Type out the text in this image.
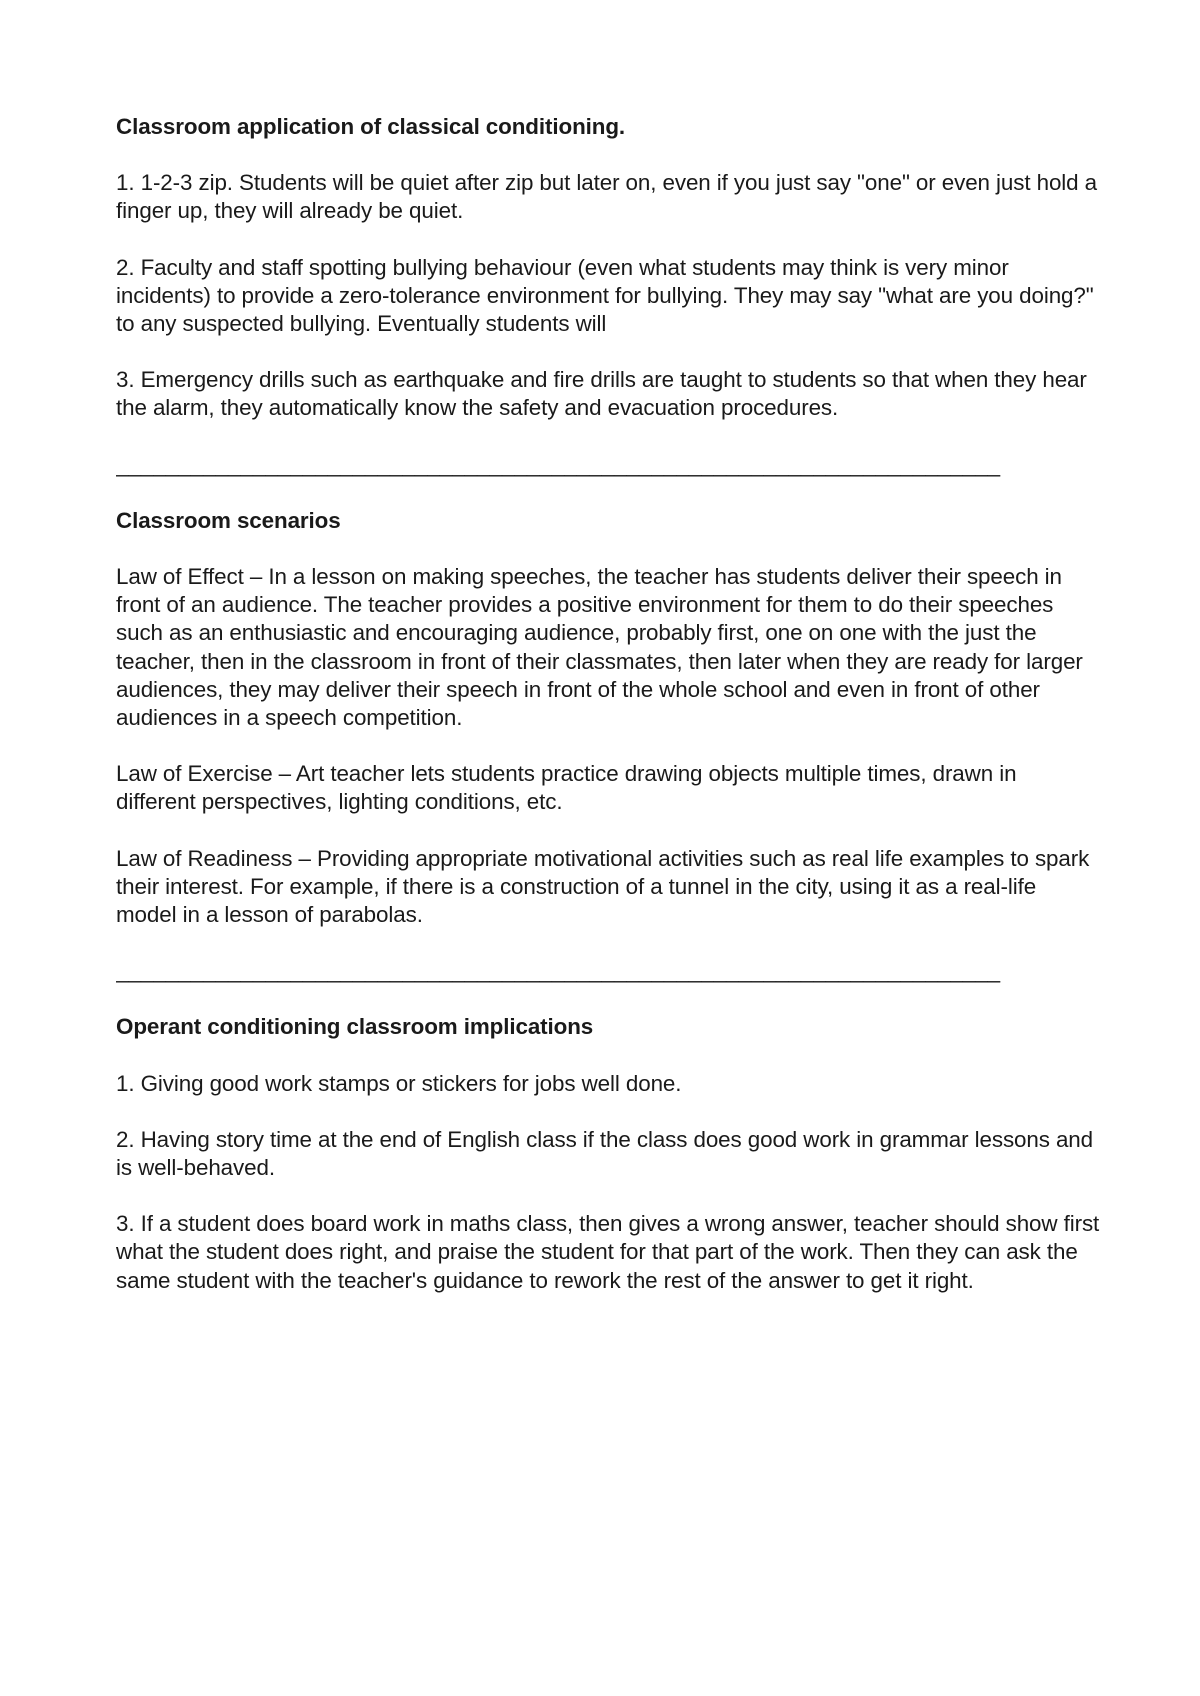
Classroom application of classical conditioning.
1. 1-2-3 zip. Students will be quiet after zip but later on, even if you just say "one" or even just hold a finger up, they will already be quiet.
2. Faculty and staff spotting bullying behaviour (even what students may think is very minor incidents) to provide a zero-tolerance environment for bullying. They may say "what are you doing?" to any suspected bullying. Eventually students will
3. Emergency drills such as earthquake and fire drills are taught to students so that when they hear the alarm, they automatically know the safety and evacuation procedures.
_______________________________________________________________________
Classroom scenarios
Law of Effect – In a lesson on making speeches, the teacher has students deliver their speech in front of an audience. The teacher provides a positive environment for them to do their speeches such as an enthusiastic and encouraging audience, probably first, one on one with the just the teacher, then in the classroom in front of their classmates, then later when they are ready for larger audiences, they may deliver their speech in front of the whole school and even in front of other audiences in a speech competition.
Law of Exercise – Art teacher lets students practice drawing objects multiple times, drawn in different perspectives, lighting conditions, etc.
Law of Readiness – Providing appropriate motivational activities such as real life examples to spark their interest. For example, if there is a construction of a tunnel in the city, using it as a real-life model in a lesson of parabolas.
_______________________________________________________________________
Operant conditioning classroom implications
1. Giving good work stamps or stickers for jobs well done.
2. Having story time at the end of English class if the class does good work in grammar lessons and is well-behaved.
3. If a student does board work in maths class, then gives a wrong answer, teacher should show first what the student does right, and praise the student for that part of the work. Then they can ask the same student with the teacher's guidance to rework the rest of the answer to get it right.
